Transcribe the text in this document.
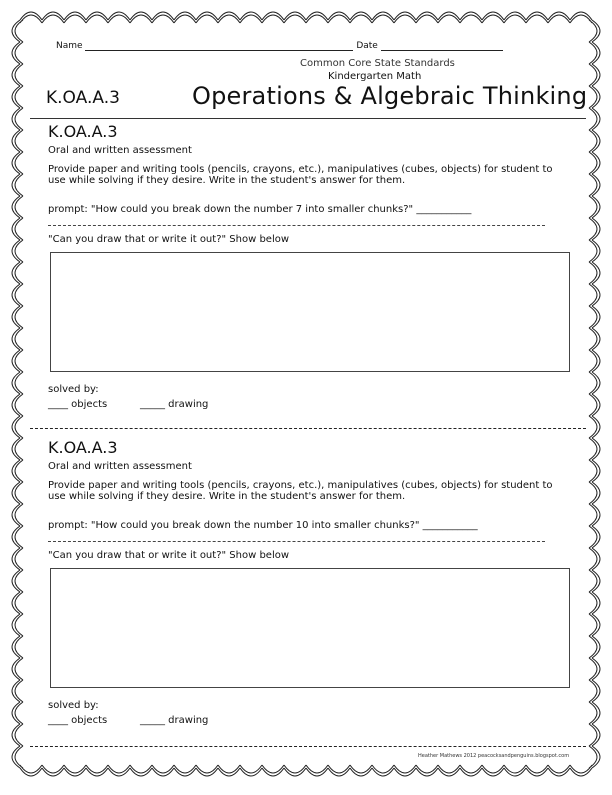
Name	Date
Common Core State Standards
Kindergarten Math
K.OA.A.3	Operations & Algebraic Thinking
K.OA.A.3
Oral and written assessment
Provide paper and writing tools (pencils, crayons, etc.), manipulatives (cubes, objects) for student to use while solving if they desire. Write in the student's answer for them.
prompt: "How could you break down the number 7 into smaller chunks?" ___________
"Can you draw that or write it out?" Show below
solved by:
____ objects	_____ drawing
K.OA.A.3
Oral and written assessment
Provide paper and writing tools (pencils, crayons, etc.), manipulatives (cubes, objects) for student to use while solving if they desire. Write in the student's answer for them.
prompt: "How could you break down the number 10 into smaller chunks?" ___________
"Can you draw that or write it out?" Show below
solved by:
____ objects	_____ drawing
Heather Mathews 2012 peacocksandpenguins.blogspot.com
